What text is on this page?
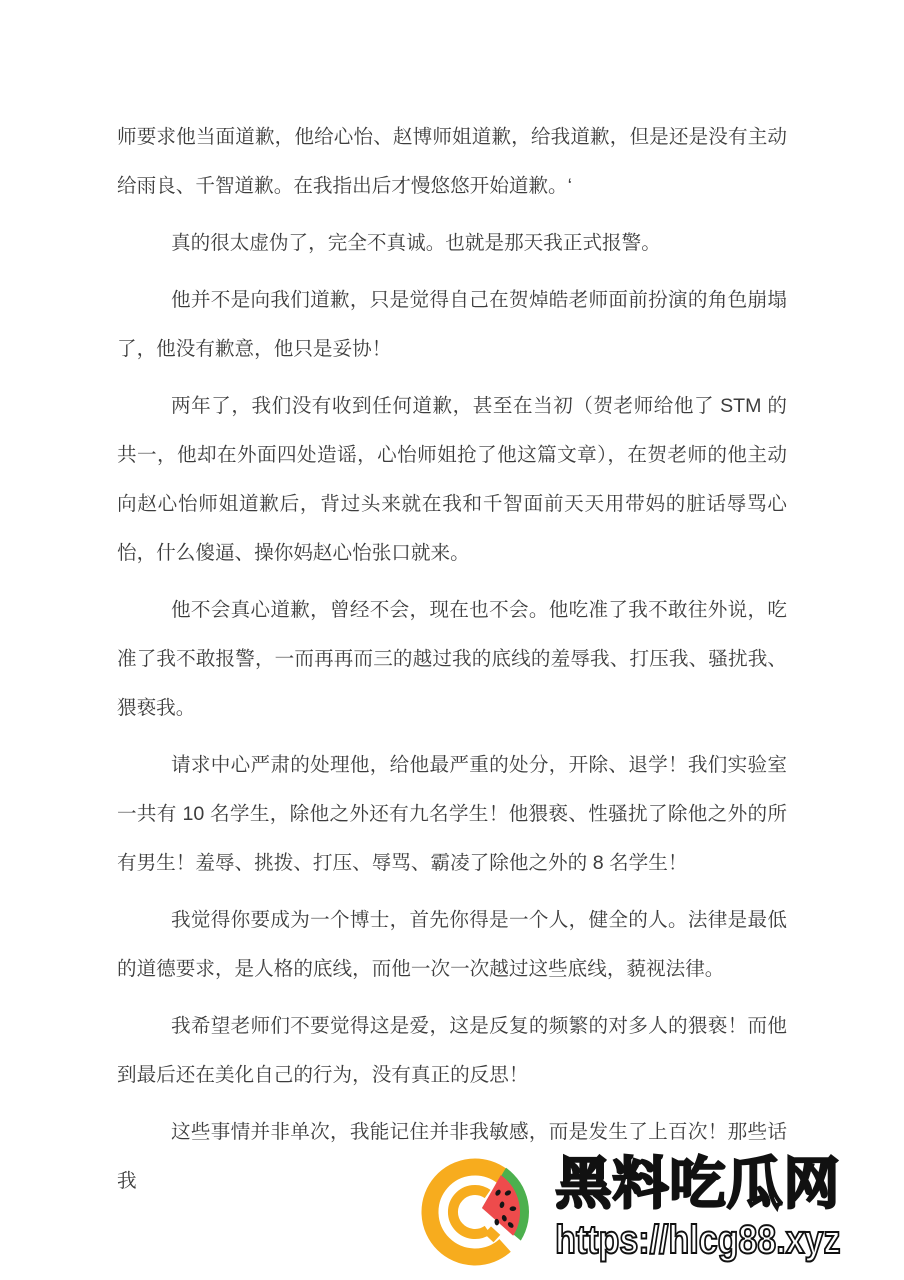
师要求他当面道歉，他给心怡、赵博师姐道歉，给我道歉，但是还是没有主动给雨良、千智道歉。在我指出后才慢悠悠开始道歉。‘

真的很太虚伪了，完全不真诚。也就是那天我正式报警。

他并不是向我们道歉，只是觉得自己在贺焯皓老师面前扮演的角色崩塌了，他没有歉意，他只是妥协！

两年了，我们没有收到任何道歉，甚至在当初（贺老师给他了 STM 的共一，他却在外面四处造谣，心怡师姐抢了他这篇文章），在贺老师的他主动向赵心怡师姐道歉后，背过头来就在我和千智面前天天用带妈的脏话辱骂心怡，什么傻逼、操你妈赵心怡张口就来。

他不会真心道歉，曾经不会，现在也不会。他吃准了我不敢往外说，吃准了我不敢报警，一而再再而三的越过我的底线的羞辱我、打压我、骚扰我、猥亵我。

请求中心严肃的处理他，给他最严重的处分，开除、退学！我们实验室一共有 10 名学生，除他之外还有九名学生！他猥亵、性骚扰了除他之外的所有男生！羞辱、挑拨、打压、辱骂、霸凌了除他之外的 8 名学生！

我觉得你要成为一个博士，首先你得是一个人，健全的人。法律是最低的道德要求，是人格的底线，而他一次一次越过这些底线，藐视法律。

我希望老师们不要觉得这是爱，这是反复的频繁的对多人的猥亵！而他到最后还在美化自己的行为，没有真正的反思！

这些事情并非单次，我能记住并非我敏感，而是发生了上百次！那些话我	黑料吃瓜网
https://hlcg88.xyz
